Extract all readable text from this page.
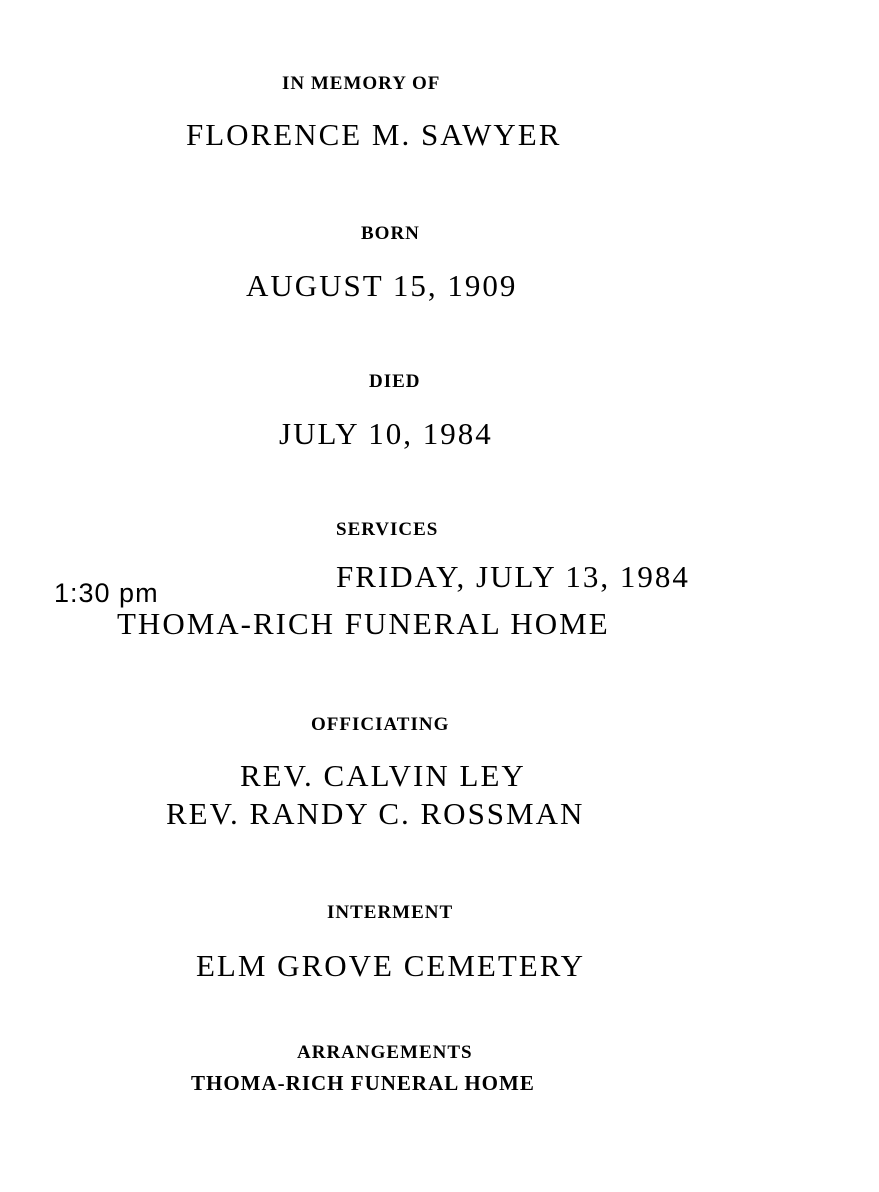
IN MEMORY OF
FLORENCE M. SAWYER
BORN
AUGUST 15, 1909
DIED
JULY 10, 1984
SERVICES
1:30 pm	FRIDAY, JULY 13, 1984
THOMA-RICH FUNERAL HOME
OFFICIATING
REV. CALVIN LEY
REV. RANDY C. ROSSMAN
INTERMENT
ELM GROVE CEMETERY
ARRANGEMENTS
THOMA-RICH FUNERAL HOME
